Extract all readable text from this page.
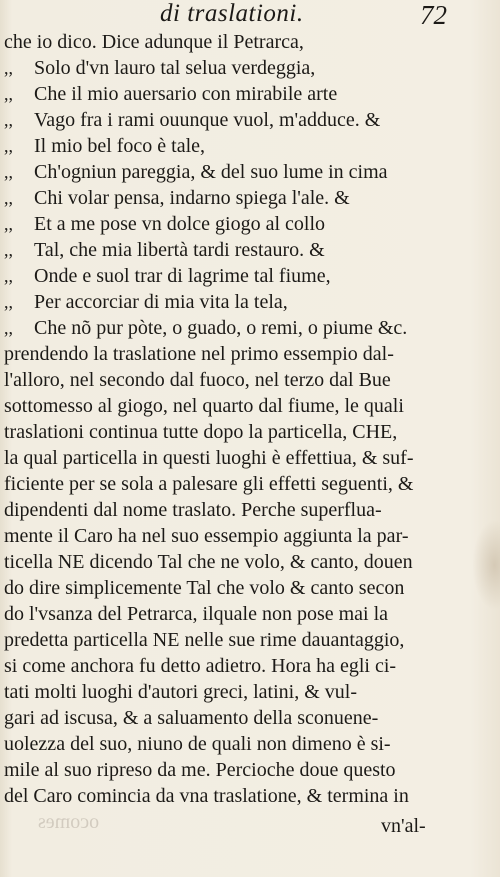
di traslationi.	72
che io dico. Dice adunque il Petrarca,
,, Solo d'vn lauro tal selua verdeggia,
,, Che il mio auersario con mirabile arte
,, Vago fra i rami ouunque vuol, m'adduce. &
,, Il mio bel foco è tale,
,, Ch'ogniun pareggia, & del suo lume in cima
,, Chi volar pensa, indarno spiega l'ale. &
,, Et a me pose vn dolce giogo al collo
,, Tal, che mia libertà tardi restauro. &
,, Onde e suol trar di lagrime tal fiume,
,, Per accorciar di mia vita la tela,
,, Che nõ pur pòte, o guado, o remi, o piume &c.
prendendo la traslatione nel primo essempio dal-
l'alloro, nel secondo dal fuoco, nel terzo dal Bue
sottomesso al giogo, nel quarto dal fiume, le quali
traslationi continua tutte dopo la particella, CHE,
la qual particella in questi luoghi è effettiua, & suf-
ficiente per se sola a palesare gli effetti seguenti, &
dipendenti dal nome traslato. Perche superflua-
mente il Caro ha nel suo essempio aggiunta la par-
ticella NE dicendo Tal che ne volo, & canto, douen
do dire simplicemente Tal che volo & canto secon
do l'vsanza del Petrarca, ilquale non pose mai la
predetta particella NE nelle sue rime dauantaggio,
si come anchora fu detto adietro. Hora ha egli ci-
tati molti luoghi d'autori greci, latini, & vul-
gari ad iscusa, & a saluamento della sconuene-
uolezza del suo, niuno de quali non dimeno è si-
mile al suo ripreso da me. Percioche doue questo
del Caro comincia da vna traslatione, & termina in
ocomes	vn'al-
